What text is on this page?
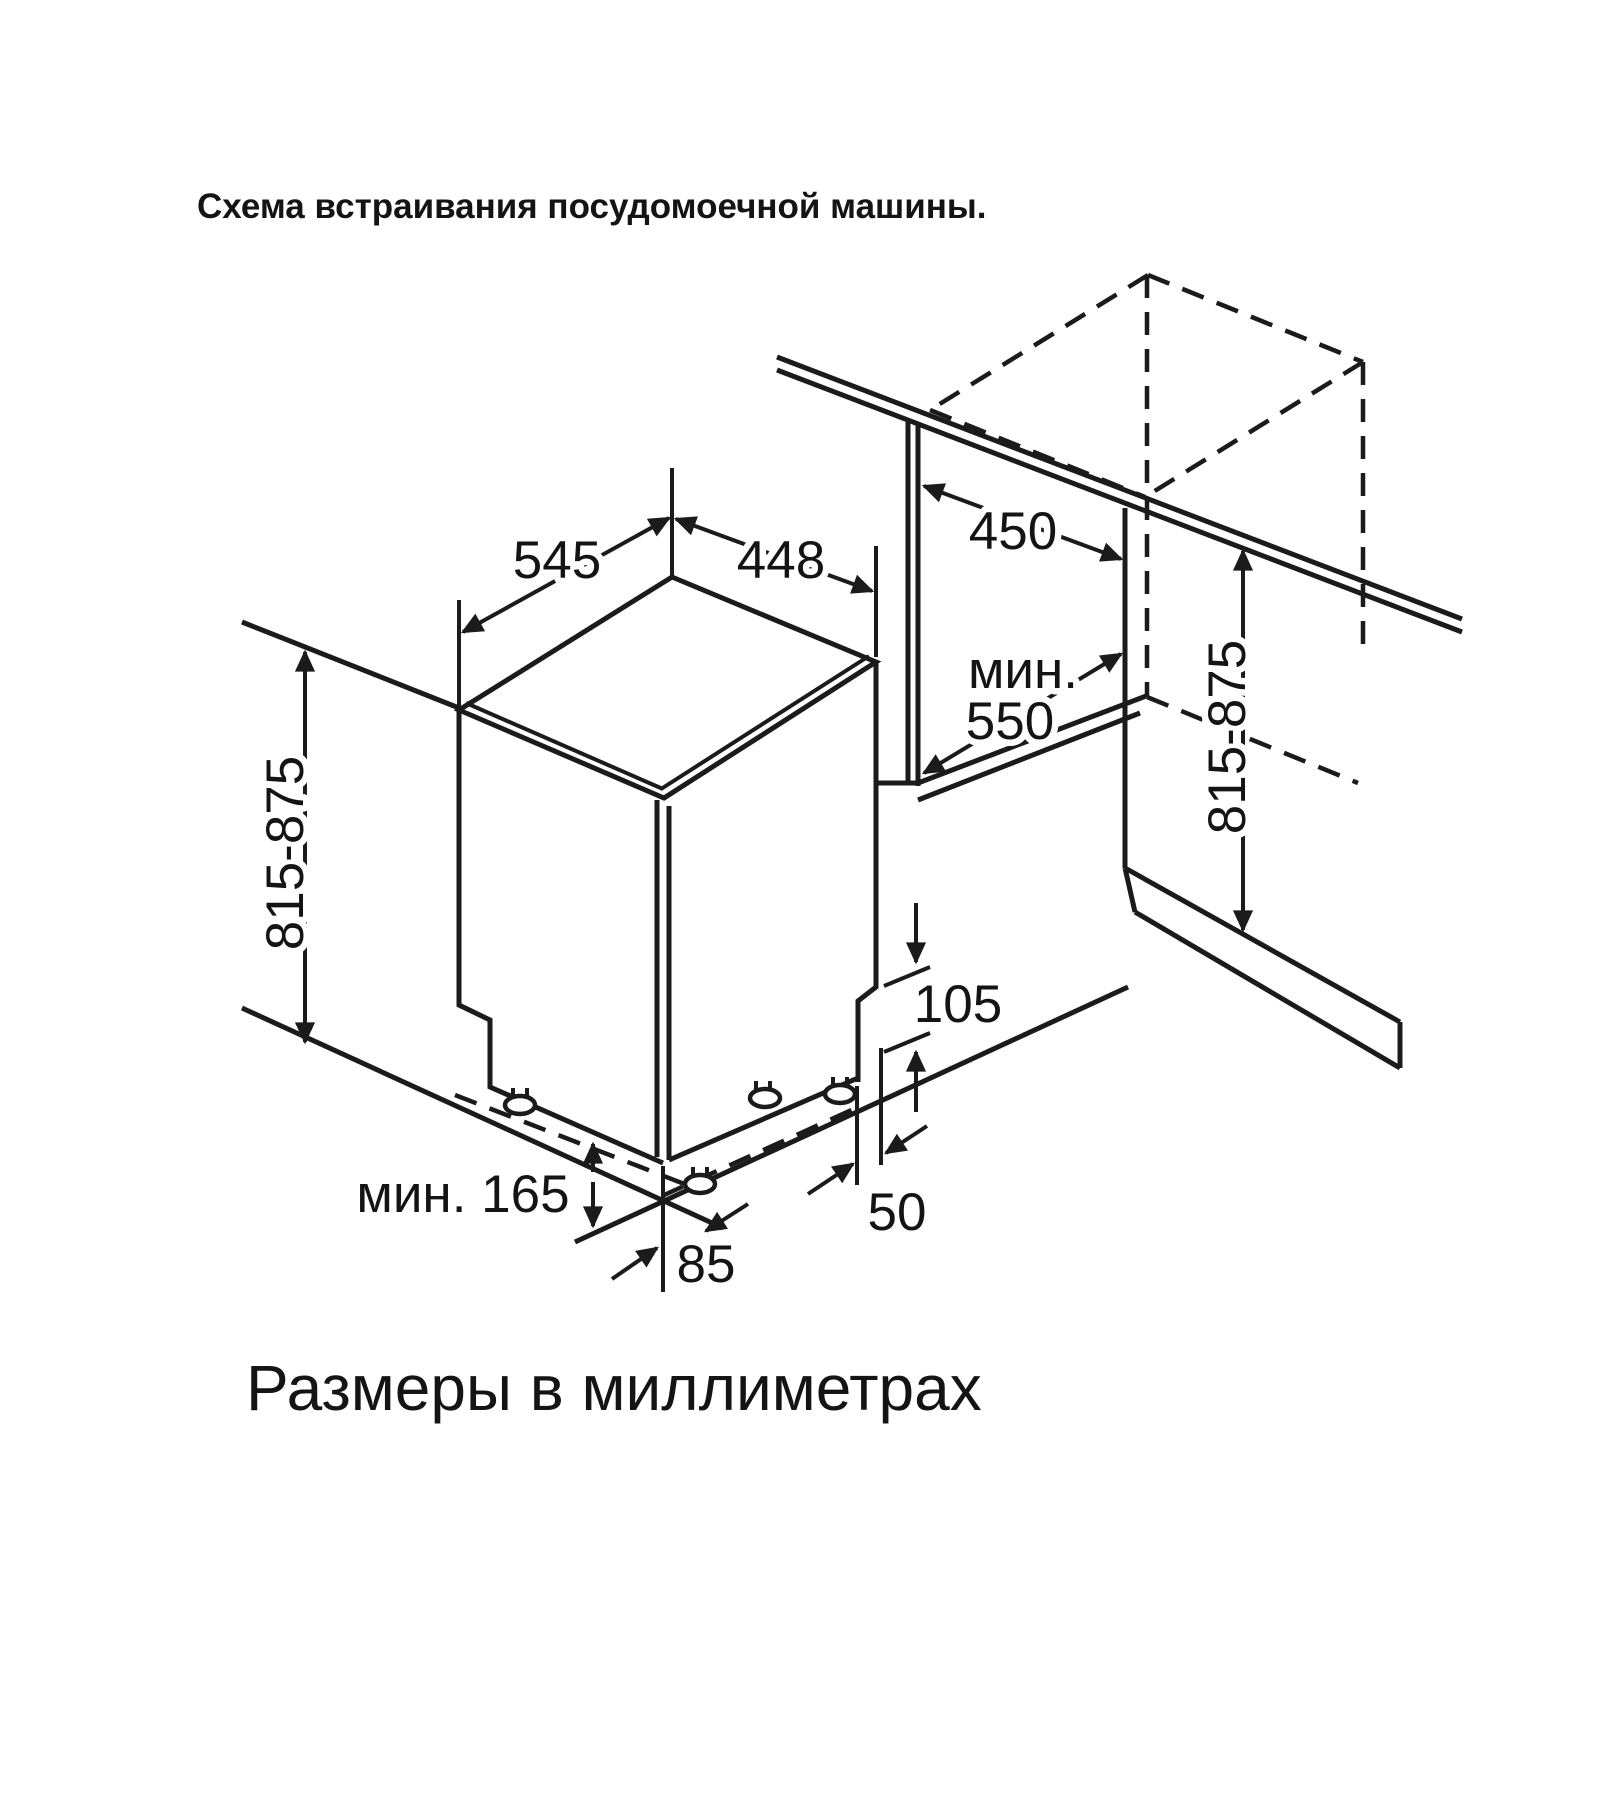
Схема встраивания посудомоечной машины.
545	448	450
мин.
550
815-875
815-875
105
мин. 165
85
50
Размеры в миллиметрах
